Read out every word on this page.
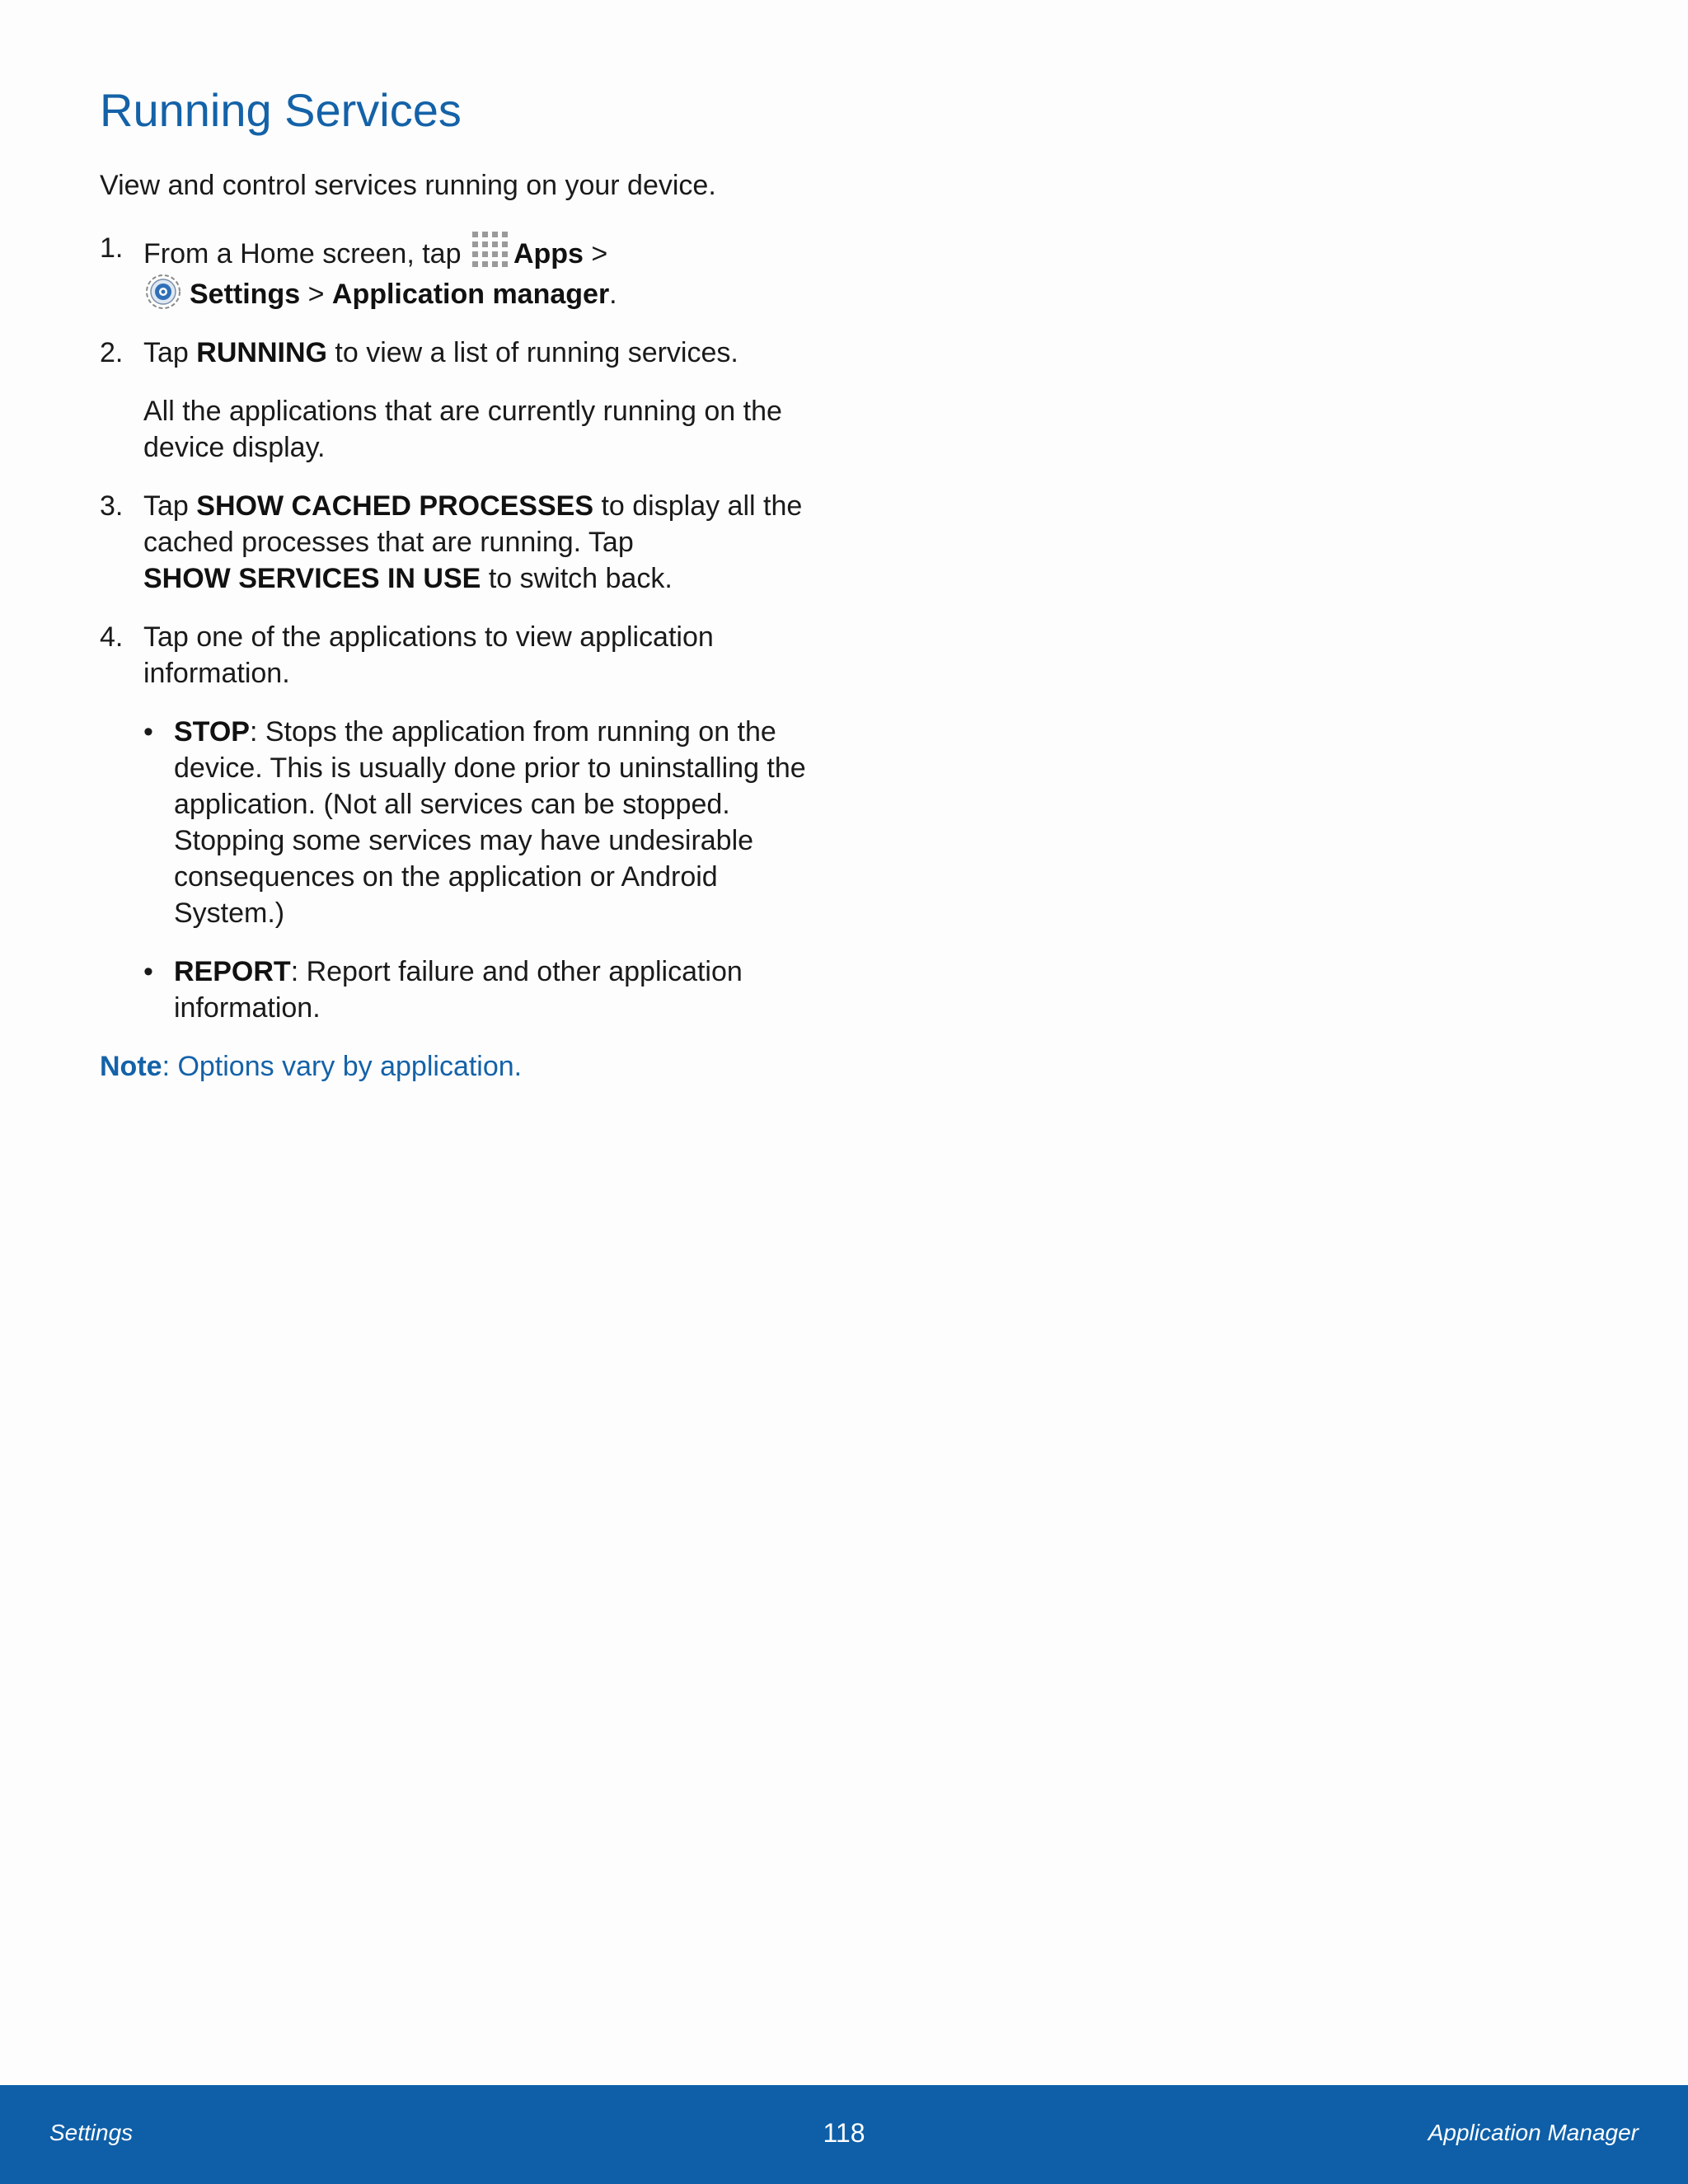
Running Services

View and control services running on your device.

1. From a Home screen, tap Apps >
Settings > Application manager.

2. Tap RUNNING to view a list of running services.

All the applications that are currently running on the device display.

3. Tap SHOW CACHED PROCESSES to display all the cached processes that are running. Tap
SHOW SERVICES IN USE to switch back.

4. Tap one of the applications to view application information.

• STOP: Stops the application from running on the device. This is usually done prior to uninstalling the application. (Not all services can be stopped. Stopping some services may have undesirable consequences on the application or Android System.)
• REPORT: Report failure and other application information.

Note: Options vary by application.

Settings	118	Application Manager
